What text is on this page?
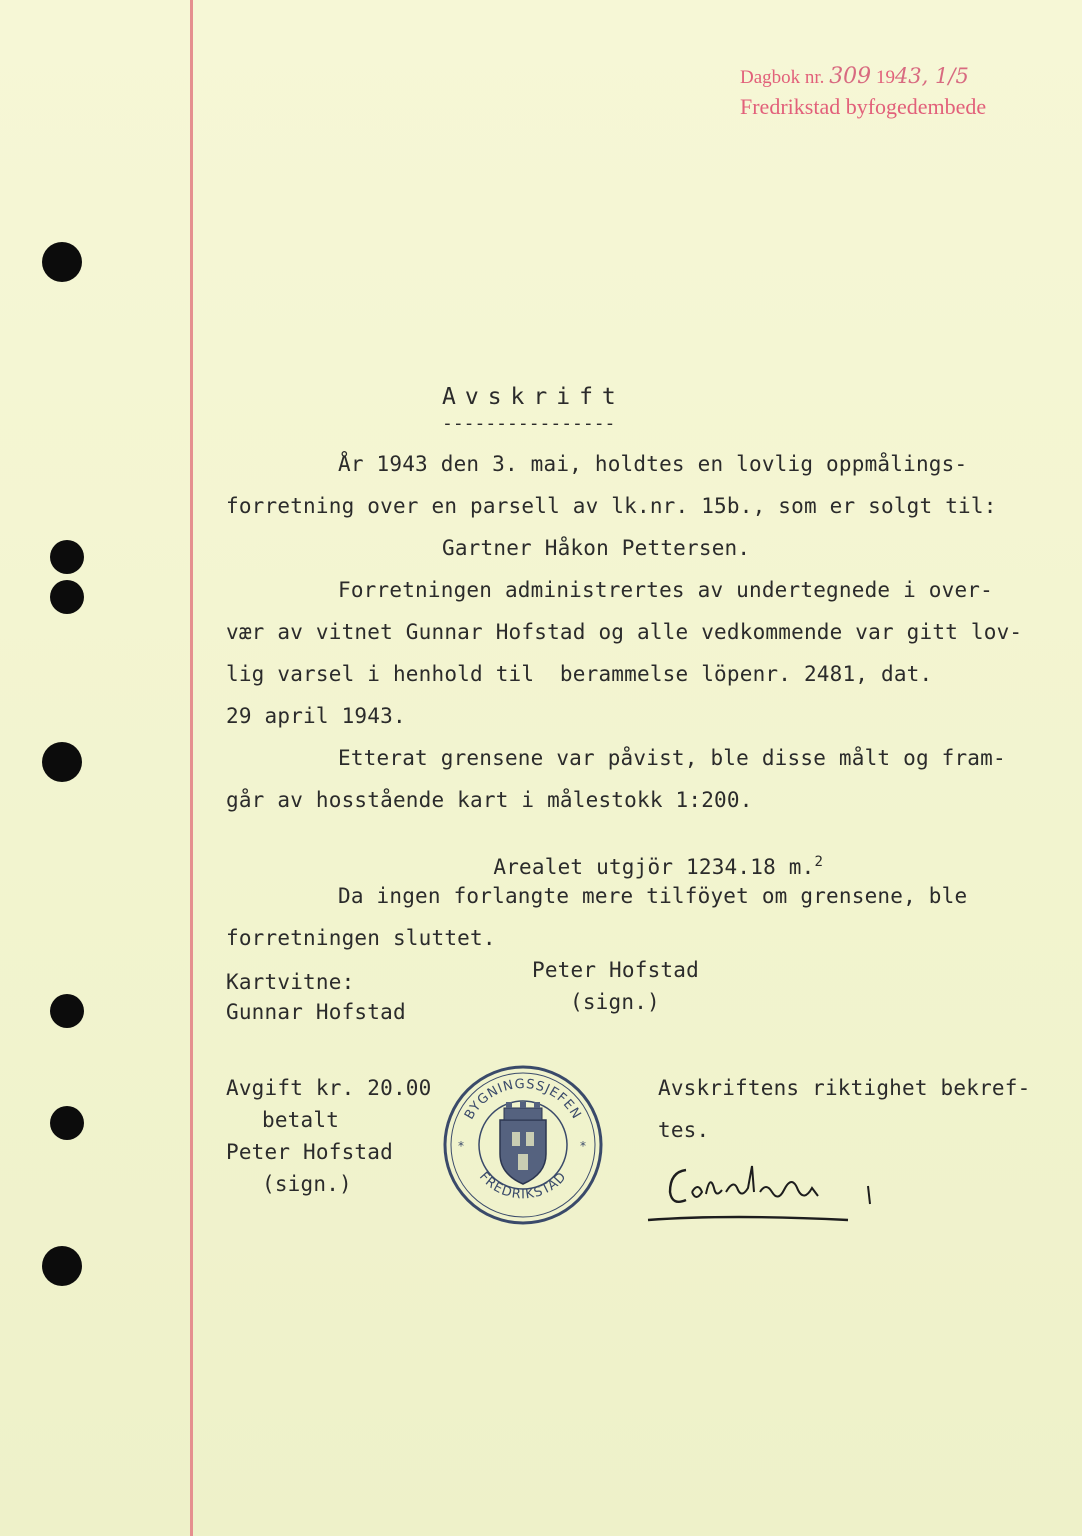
Dagbok nr. 309 1943, 1/5
Fredrikstad byfogedembede
Avskrift
----------------
År 1943 den 3. mai, holdtes en lovlig oppmålings-
forretning over en parsell av lk.nr. 15b., som er solgt til:
Gartner Håkon Pettersen.
Forretningen administrertes av undertegnede i over-
vær av vitnet Gunnar Hofstad og alle vedkommende var gitt lov-
lig varsel i henhold til  berammelse löpenr. 2481, dat.
29 april 1943.
Etterat grensene var påvist, ble disse målt og fram-
går av hosstående kart i målestokk 1:200.

Arealet utgjör 1234.18 m.$^2$

Da ingen forlangte mere tilföyet om grensene, ble
forretningen sluttet.
Kartvitne:
Gunnar Hofstad
Peter Hofstad
(sign.)
Avgift kr. 20.00
betalt
Peter Hofstad
(sign.)
BYGNINGSSJEFEN
FREDRIKSTAD
*	*
Avskriftens riktighet bekref-
tes.
